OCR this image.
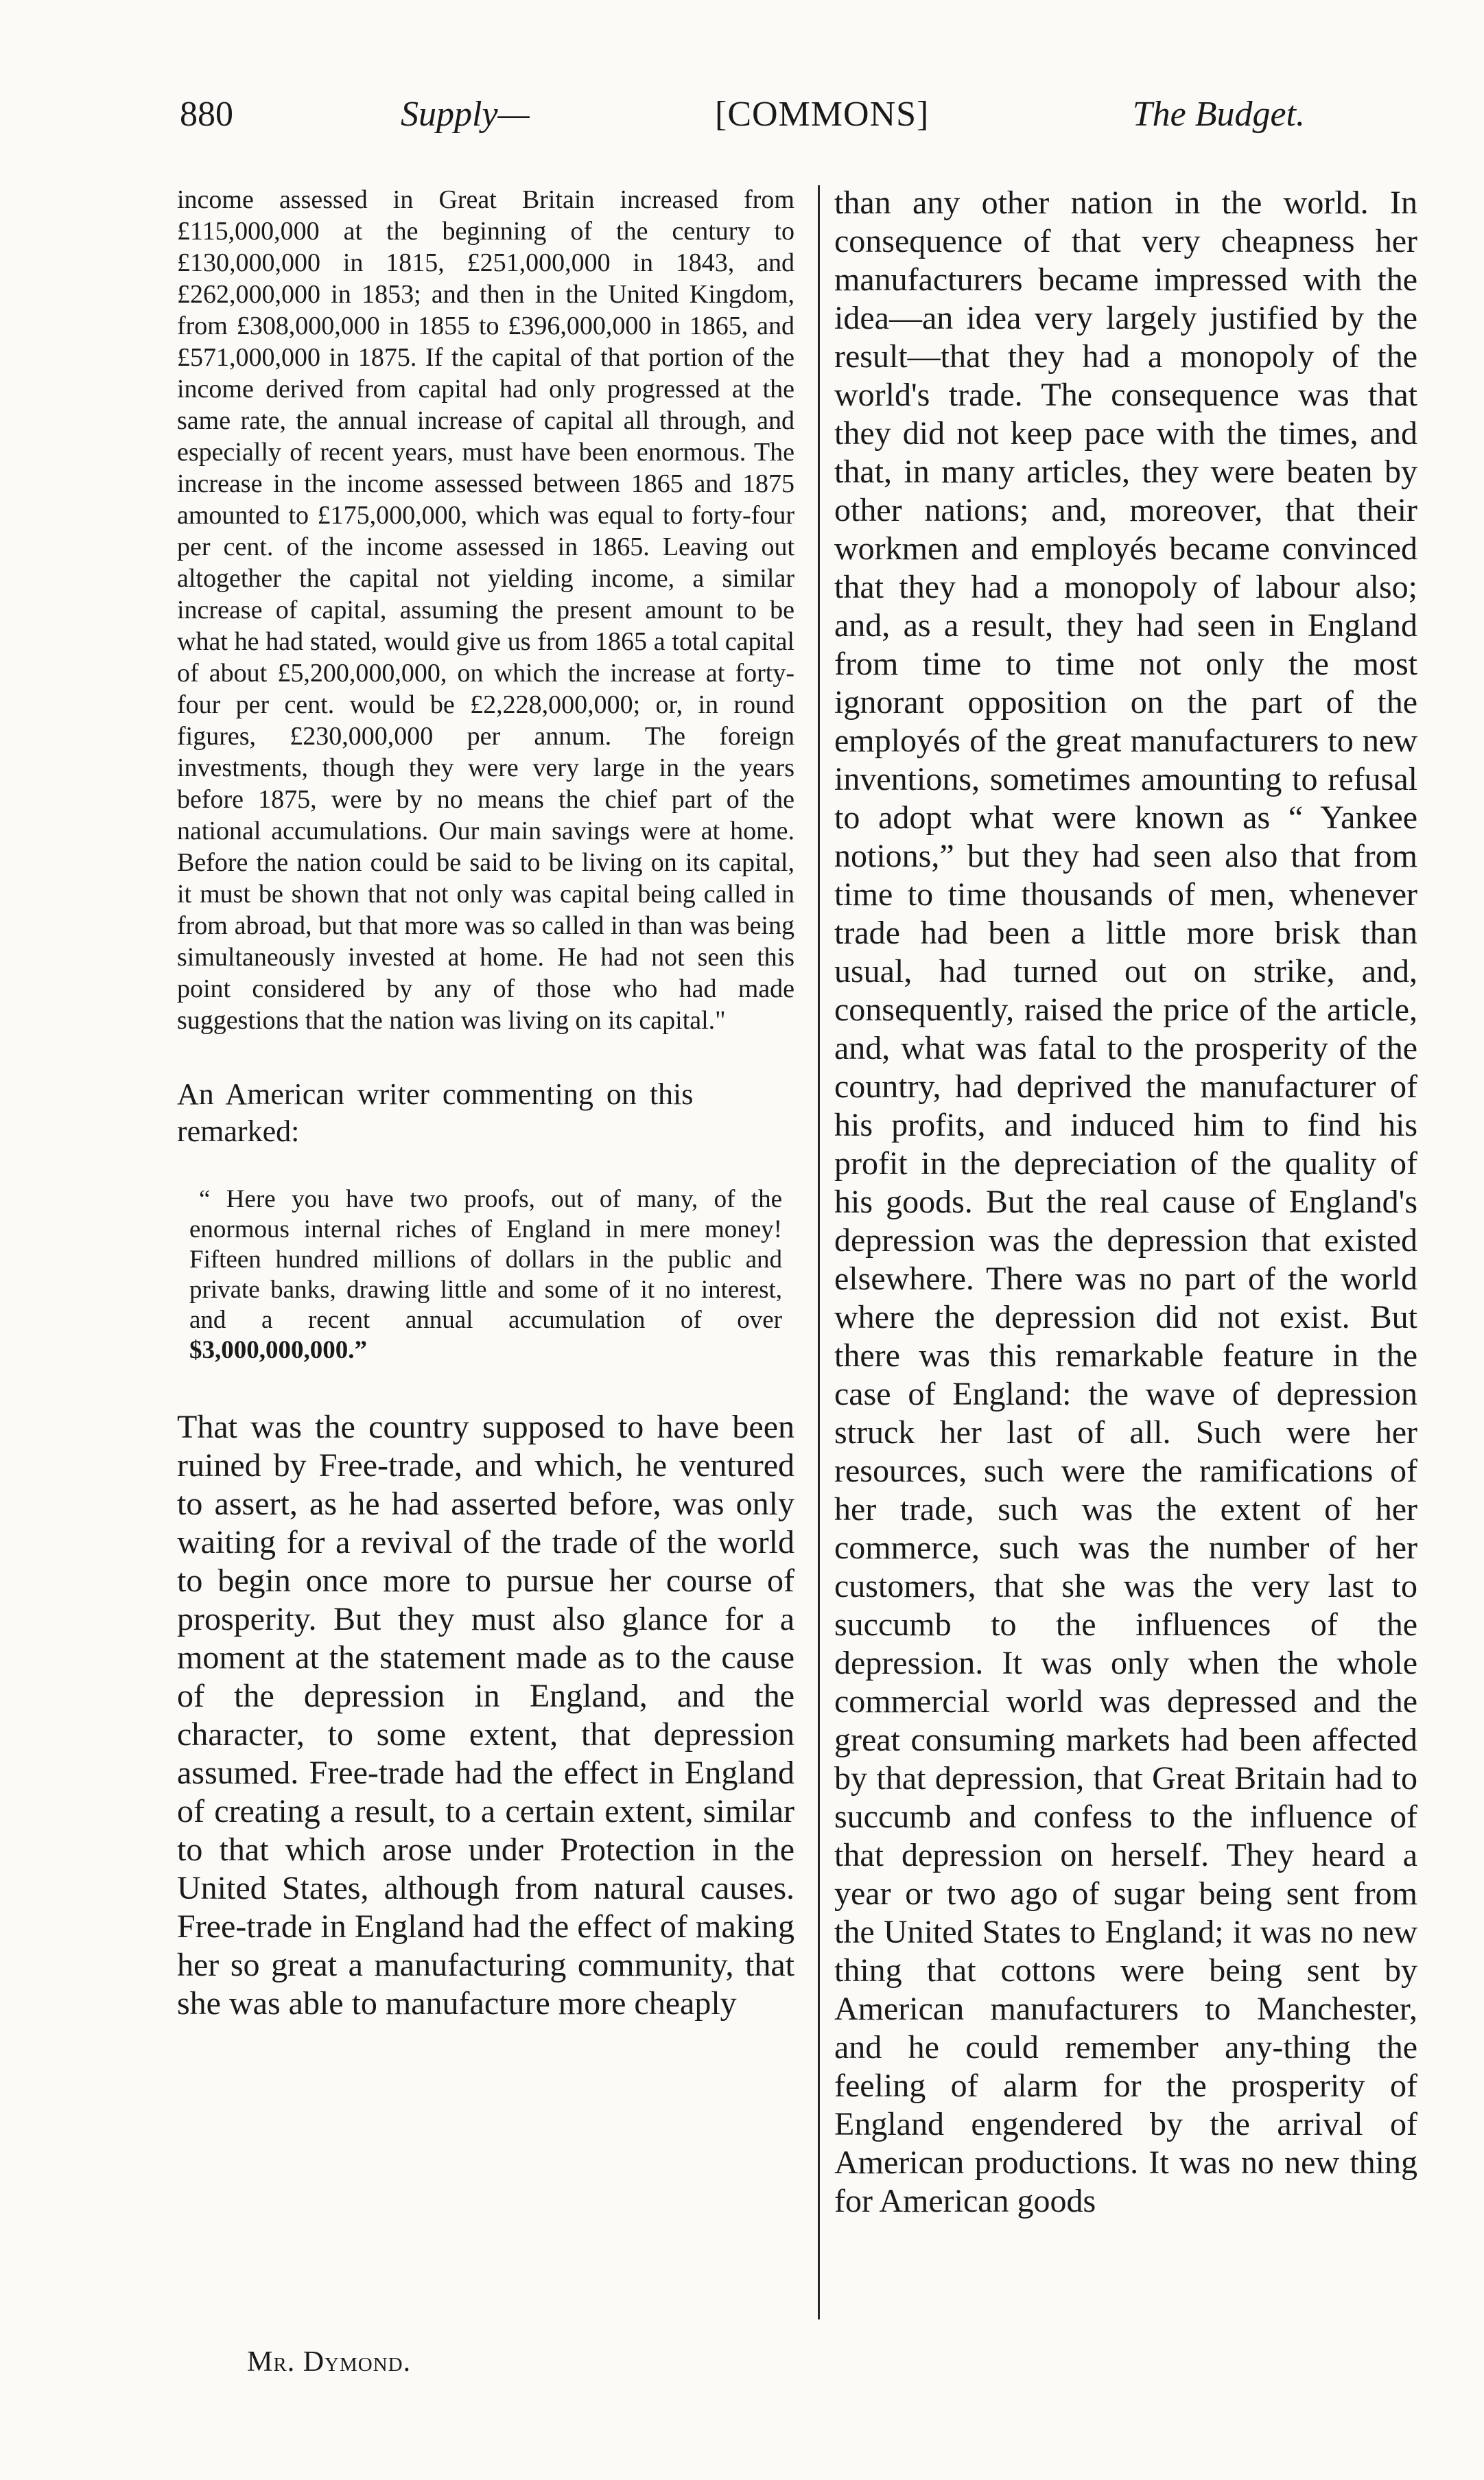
880	Supply—	[COMMONS]	The Budget.

income assessed in Great Britain increased from £115,000,000 at the beginning of the century to £130,000,000 in 1815, £251,000,000 in 1843, and £262,000,000 in 1853; and then in the United Kingdom, from £308,000,000 in 1855 to £396,000,000 in 1865, and £571,000,000 in 1875. If the capital of that portion of the income derived from capital had only progressed at the same rate, the annual increase of capital all through, and especially of recent years, must have been enormous. The increase in the income assessed between 1865 and 1875 amounted to £175,000,000, which was equal to forty-four per cent. of the income assessed in 1865. Leaving out altogether the capital not yielding income, a similar increase of capital, assuming the present amount to be what he had stated, would give us from 1865 a total capital of about £5,200,000,000, on which the increase at forty-four per cent. would be £2,228,000,000; or, in round figures, £230,000,000 per annum. The foreign investments, though they were very large in the years before 1875, were by no means the chief part of the national accumulations. Our main savings were at home. Before the nation could be said to be living on its capital, it must be shown that not only was capital being called in from abroad, but that more was so called in than was being simultaneously invested at home. He had not seen this point considered by any of those who had made suggestions that the nation was living on its capital."

An American writer commenting on this remarked:

“ Here you have two proofs, out of many, of the enormous internal riches of England in mere money! Fifteen hundred millions of dollars in the public and private banks, drawing little and some of it no interest, and a recent annual accumulation of over $3,000,000,000.”

That was the country supposed to have been ruined by Free-trade, and which, he ventured to assert, as he had asserted before, was only waiting for a revival of the trade of the world to begin once more to pursue her course of prosperity. But they must also glance for a moment at the statement made as to the cause of the depression in England, and the character, to some extent, that depression assumed. Free-trade had the effect in England of creating a result, to a certain extent, similar to that which arose under Protection in the United States, although from natural causes. Free-trade in England had the effect of making her so great a manufacturing community, that she was able to manufacture more cheaply

than any other nation in the world. In consequence of that very cheapness her manufacturers became impressed with the idea—an idea very largely justified by the result—that they had a monopoly of the world's trade. The consequence was that they did not keep pace with the times, and that, in many articles, they were beaten by other nations; and, moreover, that their workmen and employés became convinced that they had a monopoly of labour also; and, as a result, they had seen in England from time to time not only the most ignorant opposition on the part of the employés of the great manufacturers to new inventions, sometimes amounting to refusal to adopt what were known as “ Yankee notions,” but they had seen also that from time to time thousands of men, whenever trade had been a little more brisk than usual, had turned out on strike, and, consequently, raised the price of the article, and, what was fatal to the prosperity of the country, had deprived the manufacturer of his profits, and induced him to find his profit in the depreciation of the quality of his goods. But the real cause of England's depression was the depression that existed elsewhere. There was no part of the world where the depression did not exist. But there was this remarkable feature in the case of England: the wave of depression struck her last of all. Such were her resources, such were the ramifications of her trade, such was the extent of her commerce, such was the number of her customers, that she was the very last to succumb to the influences of the depression. It was only when the whole commercial world was depressed and the great consuming markets had been affected by that depression, that Great Britain had to succumb and confess to the influence of that depression on herself. They heard a year or two ago of sugar being sent from the United States to England; it was no new thing that cottons were being sent by American manufacturers to Manchester, and he could remember any-thing the feeling of alarm for the prosperity of England engendered by the arrival of American productions. It was no new thing for American goods

Mr. Dymond.
